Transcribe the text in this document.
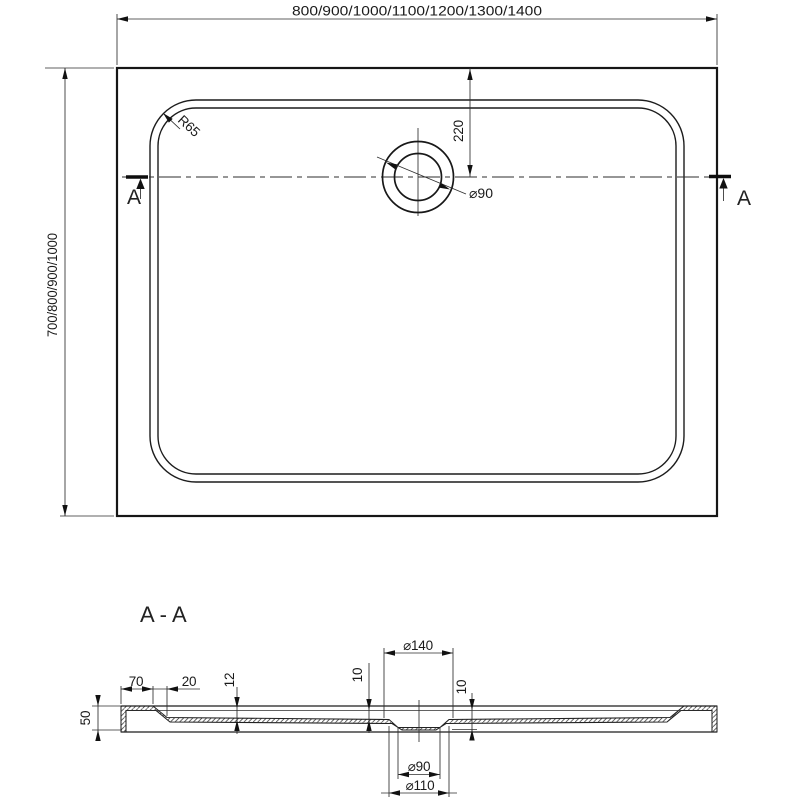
800/900/1000/1100/1200/1300/1400
700/800/900/1000
R65	220
⌀90
A	A
A-A
50
70	20 12	10
10
⌀140
⌀90
⌀110
